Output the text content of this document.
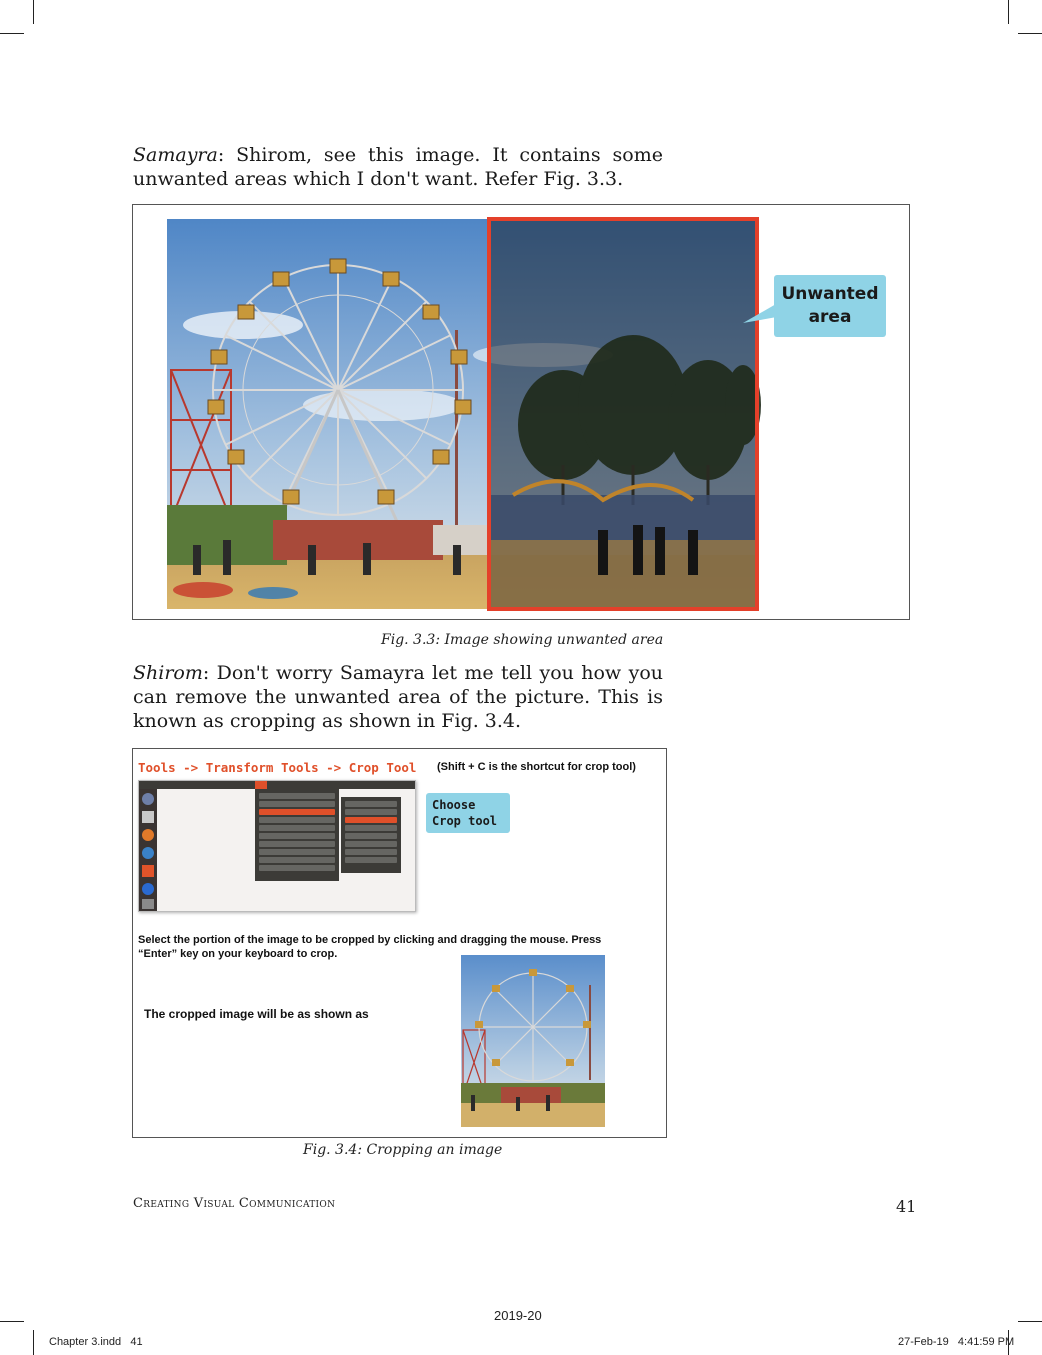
Samayra: Shirom, see this image. It contains some unwanted areas which I don't want. Refer Fig. 3.3.

Unwanted
area
Fig. 3.3: Image showing unwanted area

Shirom: Don't worry Samayra let me tell you how you can remove the unwanted area of the picture. This is known as cropping as shown in Fig. 3.4.

Tools -> Transform Tools -> Crop Tool (Shift + C is the shortcut for crop tool)
Choose
Crop tool
Select the portion of the image to be cropped by clicking and dragging the mouse. Press
“Enter” key on your keyboard to crop.
The cropped image will be as shown as
Fig. 3.4: Cropping an image
Creating Visual Communication	41
2019-20
Chapter 3.indd   41	27-Feb-19   4:41:59 PM
